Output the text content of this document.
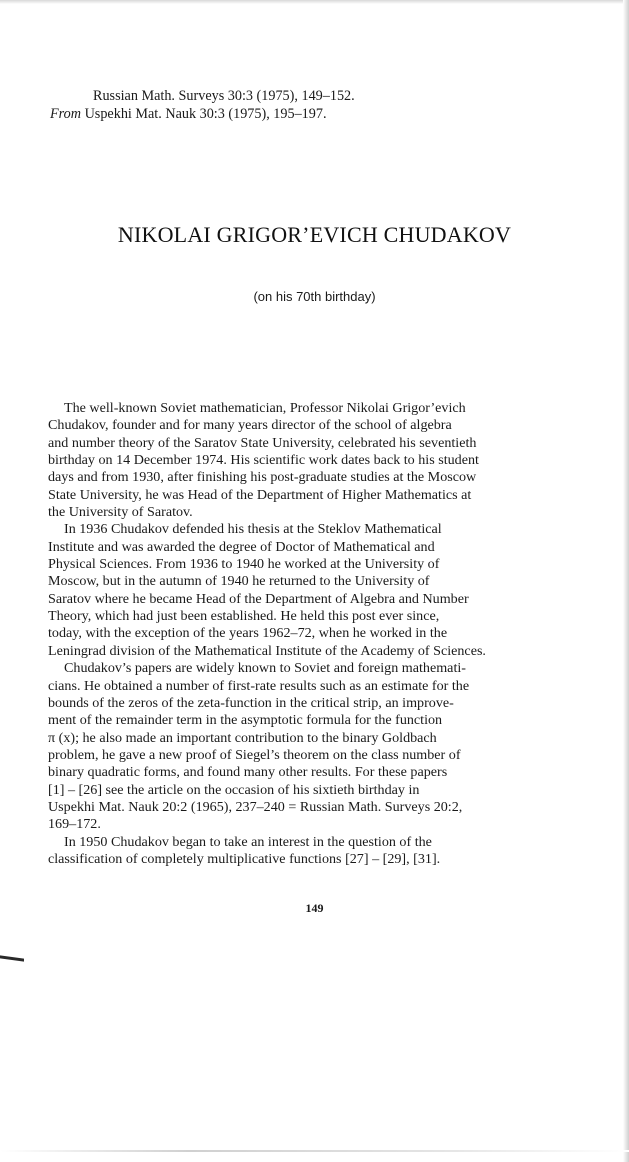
Russian Math. Surveys 30:3 (1975), 149–152.
From Uspekhi Mat. Nauk 30:3 (1975), 195–197.
NIKOLAI GRIGOR’EVICH CHUDAKOV
(on his 70th birthday)
The well-known Soviet mathematician, Professor Nikolai Grigor’evich
Chudakov, founder and for many years director of the school of algebra
and number theory of the Saratov State University, celebrated his seventieth
birthday on 14 December 1974. His scientific work dates back to his student
days and from 1930, after finishing his post-graduate studies at the Moscow
State University, he was Head of the Department of Higher Mathematics at
the University of Saratov.
In 1936 Chudakov defended his thesis at the Steklov Mathematical
Institute and was awarded the degree of Doctor of Mathematical and
Physical Sciences. From 1936 to 1940 he worked at the University of
Moscow, but in the autumn of 1940 he returned to the University of
Saratov where he became Head of the Department of Algebra and Number
Theory, which had just been established. He held this post ever since,
today, with the exception of the years 1962–72, when he worked in the
Leningrad division of the Mathematical Institute of the Academy of Sciences.
Chudakov’s papers are widely known to Soviet and foreign mathemati-
cians. He obtained a number of first-rate results such as an estimate for the
bounds of the zeros of the zeta-function in the critical strip, an improve-
ment of the remainder term in the asymptotic formula for the function
π (x); he also made an important contribution to the binary Goldbach
problem, he gave a new proof of Siegel’s theorem on the class number of
binary quadratic forms, and found many other results. For these papers
[1] – [26] see the article on the occasion of his sixtieth birthday in
Uspekhi Mat. Nauk 20:2 (1965), 237–240 = Russian Math. Surveys 20:2,
169–172.
In 1950 Chudakov began to take an interest in the question of the
classification of completely multiplicative functions [27] – [29], [31].
149
